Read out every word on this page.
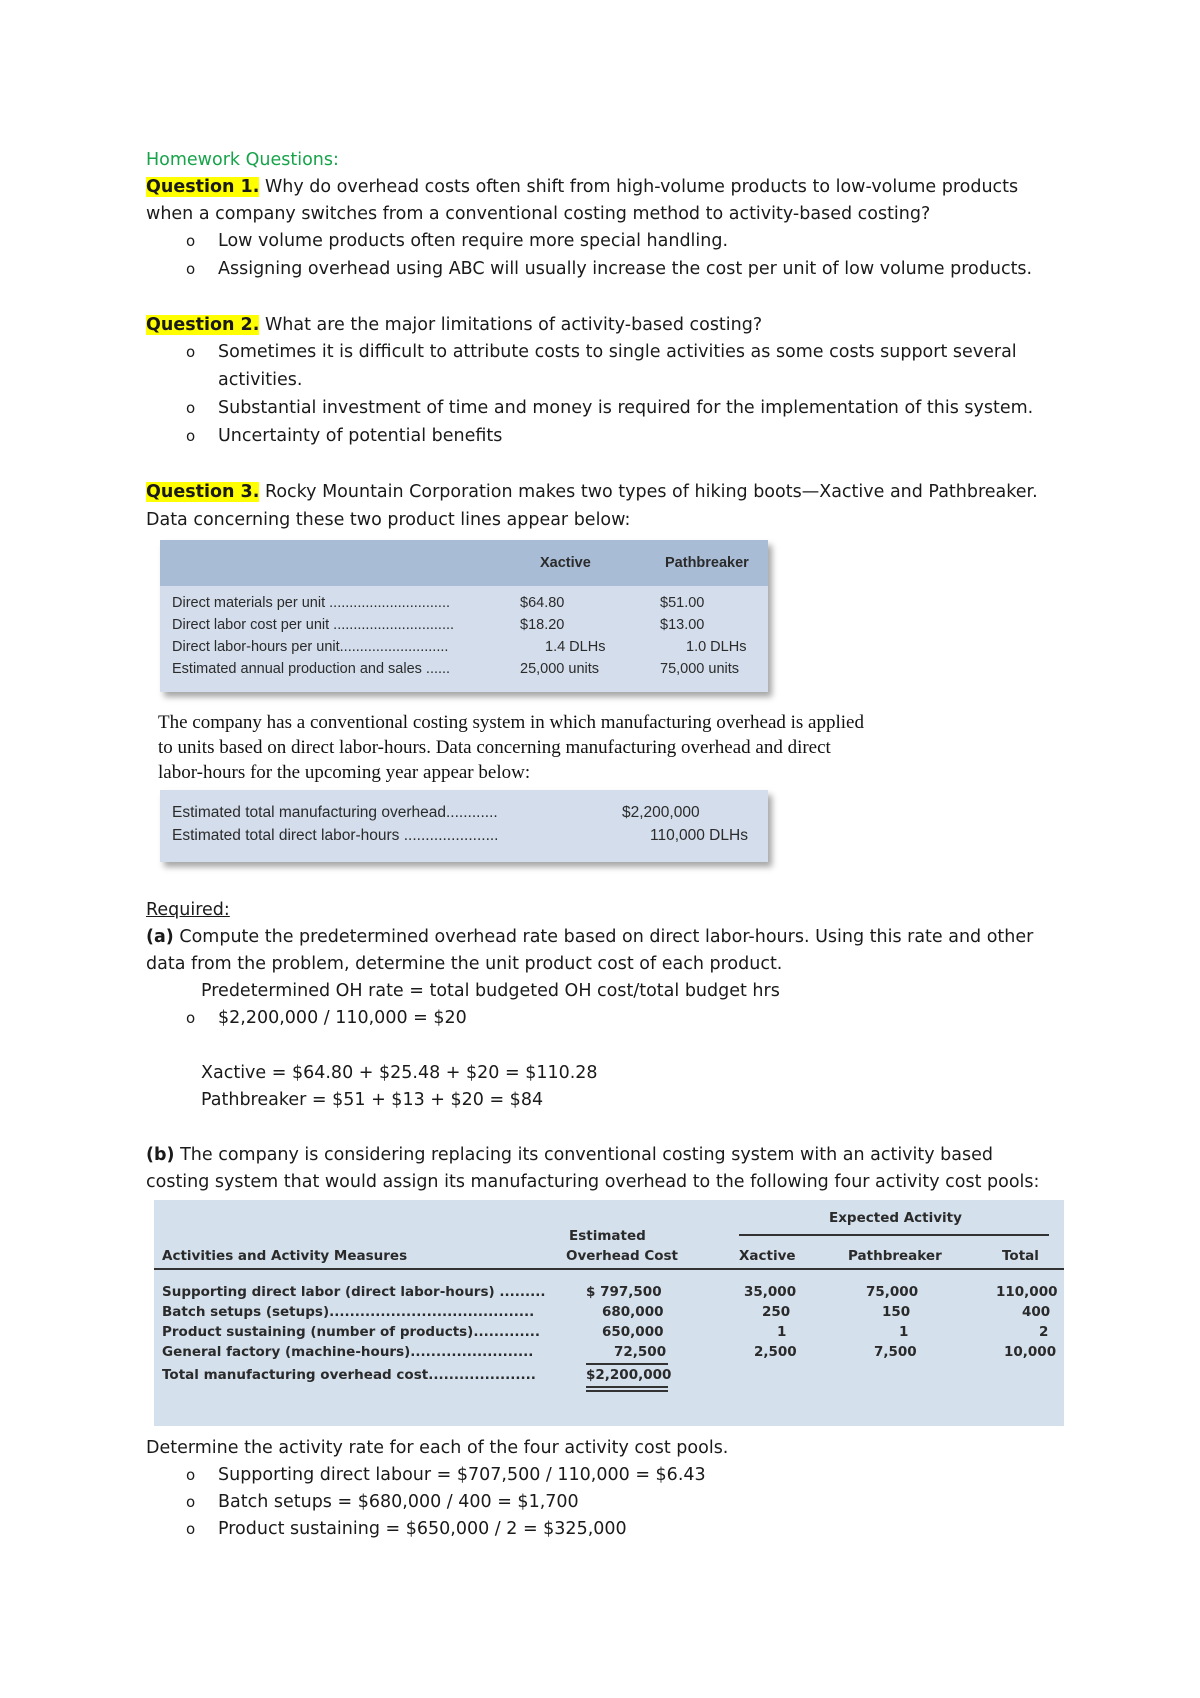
Homework Questions:
Question 1. Why do overhead costs often shift from high-volume products to low-volume products
when a company switches from a conventional costing method to activity-based costing?
o Low volume products often require more special handling.
o Assigning overhead using ABC will usually increase the cost per unit of low volume products.
Question 2. What are the major limitations of activity-based costing?
o Sometimes it is difficult to attribute costs to single activities as some costs support several
activities.
o Substantial investment of time and money is required for the implementation of this system.
o Uncertainty of potential benefits
Question 3. Rocky Mountain Corporation makes two types of hiking boots—Xactive and Pathbreaker.
Data concerning these two product lines appear below:
Xactive	Pathbreaker
Direct materials per unit ..............................	$64.80	$51.00
Direct labor cost per unit ..............................	$18.20	$13.00
Direct labor-hours per unit...........................	1.4 DLHs	1.0 DLHs
Estimated annual production and sales ......	25,000 units	75,000 units
The company has a conventional costing system in which manufacturing overhead is applied
to units based on direct labor-hours. Data concerning manufacturing overhead and direct
labor-hours for the upcoming year appear below:
Estimated total manufacturing overhead............	$2,200,000
Estimated total direct labor-hours ......................	110,000 DLHs
Required:
(a) Compute the predetermined overhead rate based on direct labor-hours. Using this rate and other
data from the problem, determine the unit product cost of each product.
Predetermined OH rate = total budgeted OH cost/total budget hrs
o $2,200,000 / 110,000 = $20
Xactive = $64.80 + $25.48 + $20 = $110.28
Pathbreaker = $51 + $13 + $20 = $84
(b) The company is considering replacing its conventional costing system with an activity based
costing system that would assign its manufacturing overhead to the following four activity cost pools:
Expected Activity
Estimated
Activities and Activity Measures	Overhead Cost	Xactive	Pathbreaker	Total
Supporting direct labor (direct labor-hours) .........	$ 797,500	35,000	75,000	110,000
Batch setups (setups)........................................	680,000	250	150	400
Product sustaining (number of products).............	650,000	1	1	2
General factory (machine-hours)........................	72,500	2,500	7,500	10,000
Total manufacturing overhead cost.....................	$2,200,000
Determine the activity rate for each of the four activity cost pools.
o Supporting direct labour = $707,500 / 110,000 = $6.43
o Batch setups = $680,000 / 400 = $1,700
o Product sustaining = $650,000 / 2 = $325,000
